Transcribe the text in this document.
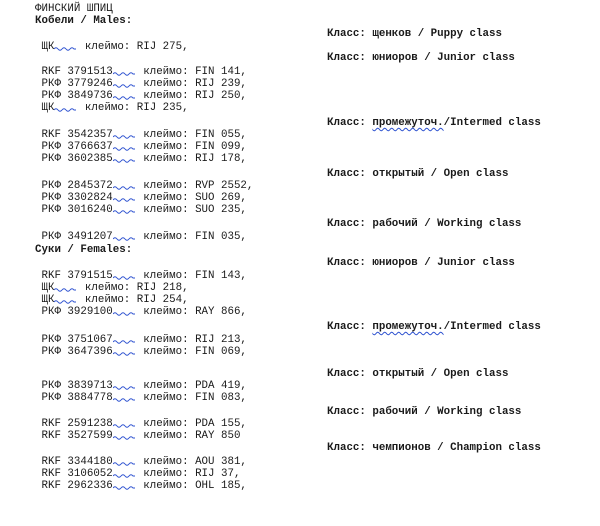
ФИНСКИЙ ШПИЦ
Кобели / Males:
Класс: щенков / Puppy class
Класс: юниоров / Junior class
Класс: промежуточ./Intermed class
Класс: открытый / Open class
Класс: рабочий / Working class
ЩК
клеймо: RIJ 275,
RKF 3791513
клеймо: FIN 141,
РКФ 3779246
клеймо: RIJ 239,
РКФ 3849736
клеймо: RIJ 250,
ЩК
клеймо: RIJ 235,
RKF 3542357
клеймо: FIN 055,
РКФ 3766637
клеймо: FIN 099,
РКФ 3602385
клеймо: RIJ 178,
РКФ 2845372
клеймо: RVP 2552,
РКФ 3302824
клеймо: SUO 269,
РКФ 3016240
клеймо: SUO 235,
РКФ 3491207
клеймо: FIN 035,
Суки / Females:
Класс: юниоров / Junior class
Класс: промежуточ./Intermed class
Класс: открытый / Open class
Класс: рабочий / Working class
Класс: чемпионов / Champion class
RKF 3791515
клеймо: FIN 143,
ЩК
клеймо: RIJ 218,
ЩК
клеймо: RIJ 254,
РКФ 3929100
клеймо: RAY 866,
РКФ 3751067
клеймо: RIJ 213,
РКФ 3647396
клеймо: FIN 069,
РКФ 3839713
клеймо: PDA 419,
РКФ 3884778
клеймо: FIN 083,
RKF 2591238
клеймо: PDA 155,
RKF 3527599
клеймо: RAY 850
RKF 3344180
клеймо: AOU 381,
RKF 3106052
клеймо: RIJ 37,
RKF 2962336
клеймо: OHL 185,
